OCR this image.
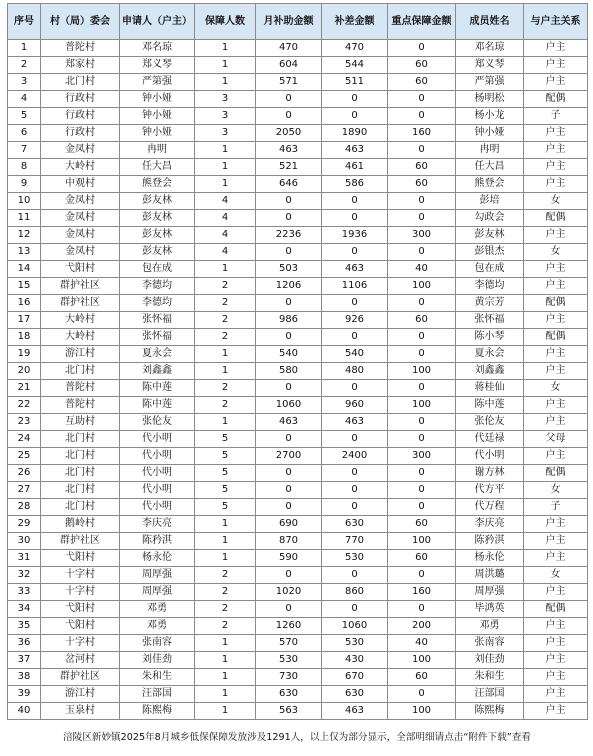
序号	村（局）委会	申请人（户主）	保障人数	月补助金额	补差金额	重点保障金额	成员姓名	与户主关系
1	普陀村	邓名琼	1	470	470	0	邓名琼	户主
2	郑家村	郑义琴	1	604	544	60	郑义琴	户主
3	北门村	严第强	1	571	511	60	严第强	户主
4	行政村	钟小娅	3	0	0	0	杨明松	配偶
5	行政村	钟小娅	3	0	0	0	杨小龙	子
6	行政村	钟小娅	3	2050	1890	160	钟小娅	户主
7	金凤村	冉明	1	463	463	0	冉明	户主
8	大岭村	任大昌	1	521	461	60	任大昌	户主
9	中观村	熊登会	1	646	586	60	熊登会	户主
10	金凤村	彭友林	4	0	0	0	彭培	女
11	金凤村	彭友林	4	0	0	0	勾政会	配偶
12	金凤村	彭友林	4	2236	1936	300	彭友林	户主
13	金凤村	彭友林	4	0	0	0	彭银杰	女
14	弋阳村	包在成	1	503	463	40	包在成	户主
15	群护社区	李德均	2	1206	1106	100	李德均	户主
16	群护社区	李德均	2	0	0	0	黄宗芳	配偶
17	大岭村	张怀福	2	986	926	60	张怀福	户主
18	大岭村	张怀福	2	0	0	0	陈小琴	配偶
19	游江村	夏永会	1	540	540	0	夏永会	户主
20	北门村	刘鑫鑫	1	580	480	100	刘鑫鑫	户主
21	普陀村	陈中莲	2	0	0	0	蒋桂仙	女
22	普陀村	陈中莲	2	1060	960	100	陈中莲	户主
23	互助村	张伦友	1	463	463	0	张伦友	户主
24	北门村	代小明	5	0	0	0	代廷禄	父母
25	北门村	代小明	5	2700	2400	300	代小明	户主
26	北门村	代小明	5	0	0	0	谢方林	配偶
27	北门村	代小明	5	0	0	0	代方平	女
28	北门村	代小明	5	0	0	0	代万程	子
29	鹅岭村	李庆亮	1	690	630	60	李庆亮	户主
30	群护社区	陈矜淇	1	870	770	100	陈矜淇	户主
31	弋阳村	杨永伦	1	590	530	60	杨永伦	户主
32	十字村	周厚强	2	0	0	0	周洪璐	女
33	十字村	周厚强	2	1020	860	160	周厚强	户主
34	弋阳村	邓勇	2	0	0	0	毕鸿英	配偶
35	弋阳村	邓勇	2	1260	1060	200	邓勇	户主
36	十字村	张南容	1	570	530	40	张南容	户主
37	岔河村	刘佳劲	1	530	430	100	刘佳劲	户主
38	群护社区	朱和生	1	730	670	60	朱和生	户主
39	游江村	汪部国	1	630	630	0	汪部国	户主
40	玉泉村	陈熙梅	1	563	463	100	陈熙梅	户主
涪陵区新妙镇2025年8月城乡低保保障发放涉及1291人，以上仅为部分显示，全部明细请点击“附件下载”查看
